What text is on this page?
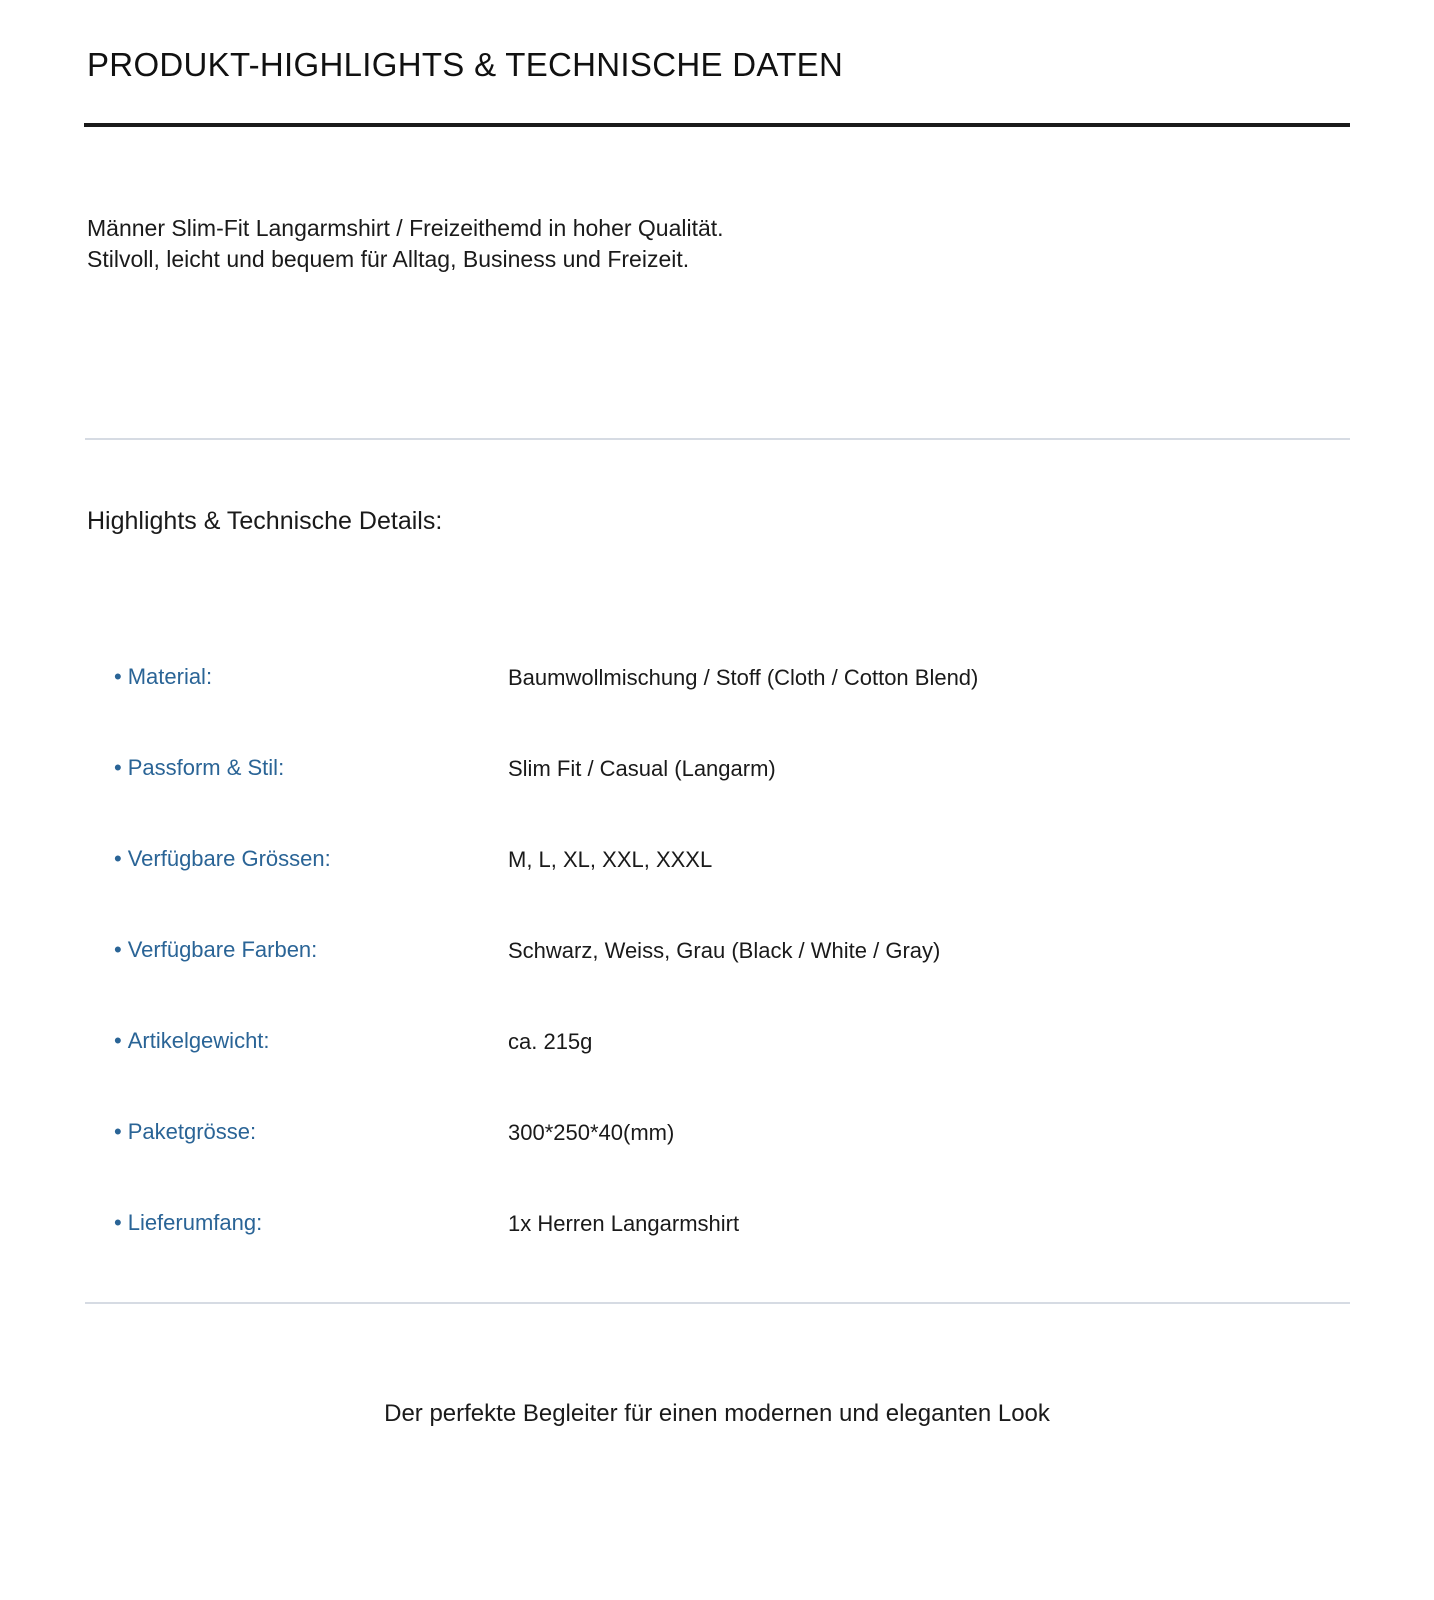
PRODUKT-HIGHLIGHTS & TECHNISCHE DATEN

Männer Slim-Fit Langarmshirt / Freizeithemd in hoher Qualität.
Stilvoll, leicht und bequem für Alltag, Business und Freizeit.

Highlights & Technische Details:
• Material:	Baumwollmischung / Stoff (Cloth / Cotton Blend)
• Passform & Stil:	Slim Fit / Casual (Langarm)
• Verfügbare Grössen:	M, L, XL, XXL, XXXL
• Verfügbare Farben:	Schwarz, Weiss, Grau (Black / White / Gray)
• Artikelgewicht:	ca. 215g
• Paketgrösse:	300*250*40(mm)
• Lieferumfang:	1x Herren Langarmshirt

Der perfekte Begleiter für einen modernen und eleganten Look
